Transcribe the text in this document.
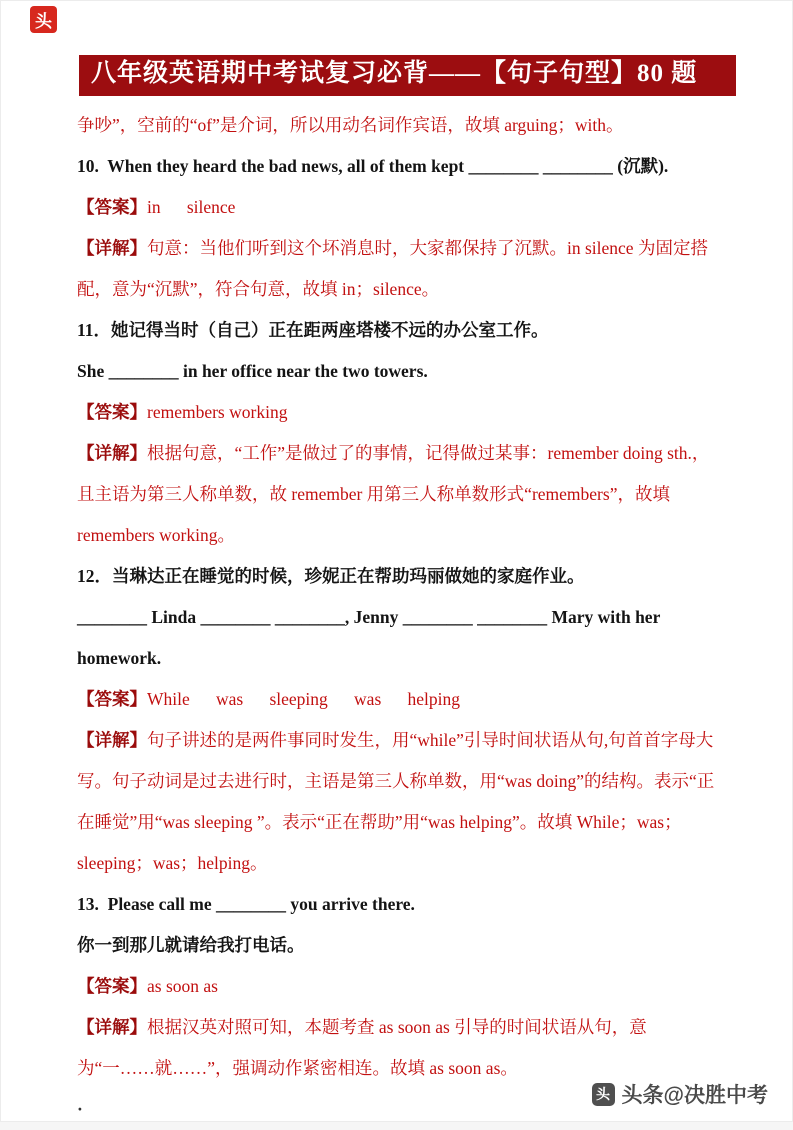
头
八年级英语期中考试复习必背——【句子句型】80 题

争吵”，空前的“of”是介词，所以用动名词作宾语，故填 arguing；with。

10.  When they heard the bad news, all of them kept ________ ________ (沉默).

【答案】in      silence

【详解】句意：当他们听到这个坏消息时，大家都保持了沉默。in silence 为固定搭配，意为“沉默”，符合句意，故填 in；silence。

11．她记得当时（自己）正在距两座塔楼不远的办公室工作。

She ________ in her office near the two towers.

【答案】remembers working

【详解】根据句意，“工作”是做过了的事情，记得做过某事：remember doing sth.，且主语为第三人称单数，故 remember 用第三人称单数形式“remembers”，故填 remembers working。

12．当琳达正在睡觉的时候，珍妮正在帮助玛丽做她的家庭作业。

________ Linda ________ ________, Jenny ________ ________ Mary with her homework.

【答案】While      was      sleeping      was      helping

【详解】句子讲述的是两件事同时发生，用“while”引导时间状语从句,句首首字母大写。句子动词是过去进行时，主语是第三人称单数，用“was doing”的结构。表示“正在睡觉”用“was sleeping ”。表示“正在帮助”用“was helping”。故填 While；was；sleeping；was；helping。

13.  Please call me ________ you arrive there.

你一到那儿就请给我打电话。

【答案】as soon as

【详解】根据汉英对照可知，本题考查 as soon as 引导的时间状语从句，意为“一……就……”，强调动作紧密相连。故填 as soon as。

·

头 头条@决胜中考
